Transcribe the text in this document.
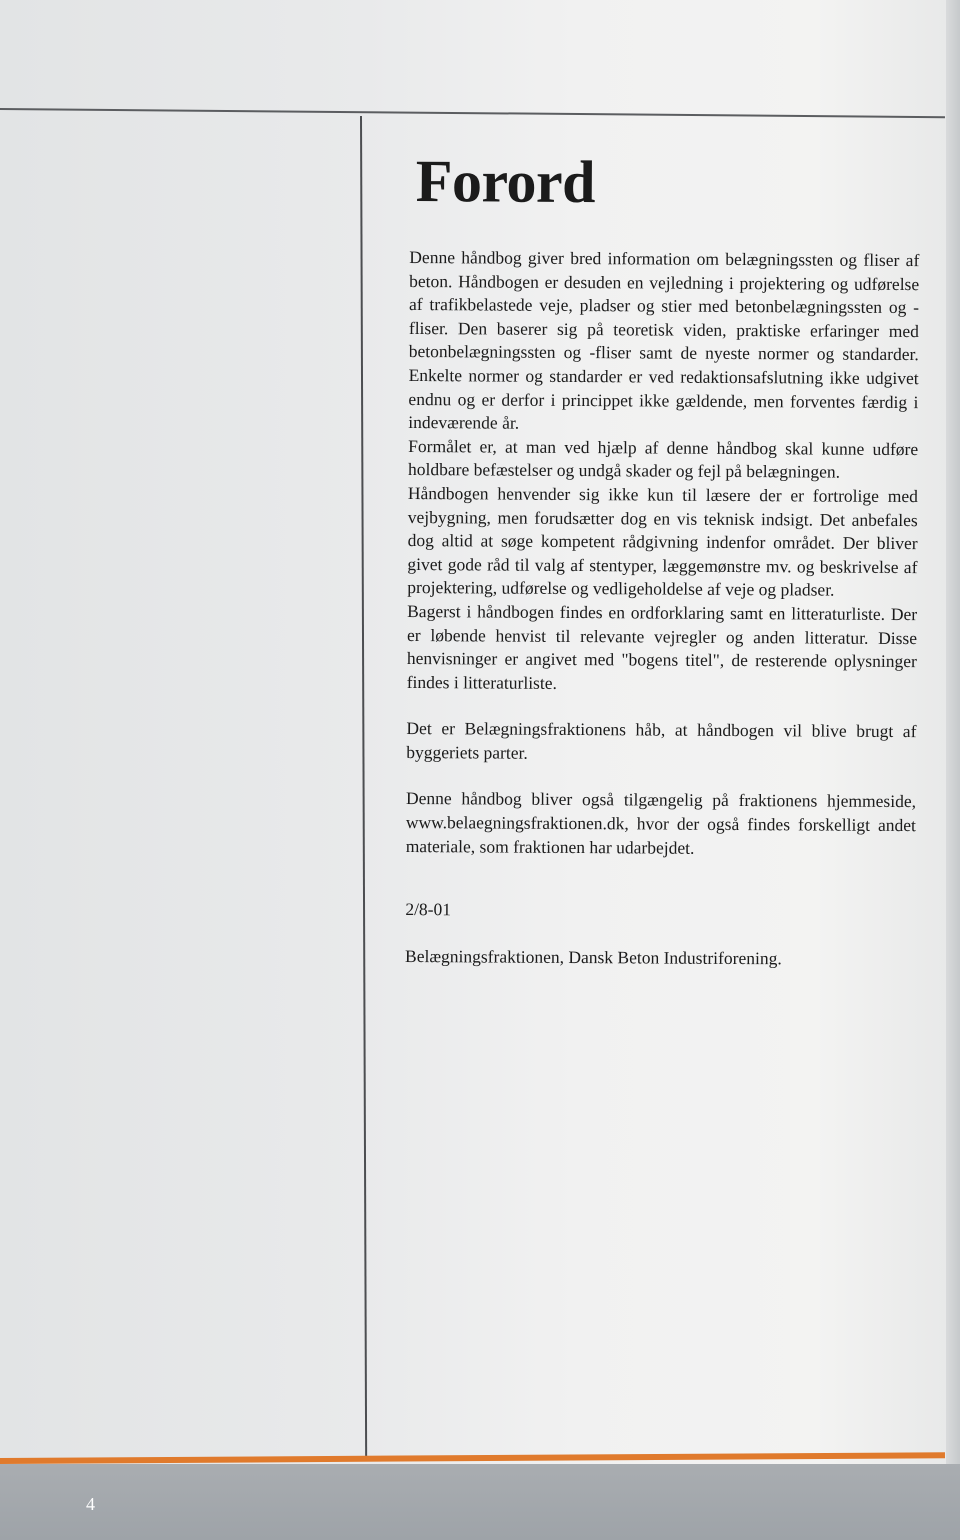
Forord

Denne håndbog giver bred information om belægningssten og fliser af beton. Håndbogen er desuden en vejledning i projektering og udførelse af trafikbelastede veje, pladser og stier med betonbelægningssten og -fliser. Den baserer sig på teoretisk viden, praktiske erfaringer med betonbelægningssten og -fliser samt de nyeste normer og standarder. Enkelte normer og standarder er ved redaktionsafslutning ikke udgivet endnu og er derfor i princippet ikke gældende, men forventes færdig i indeværende år.

Formålet er, at man ved hjælp af denne håndbog skal kunne udføre holdbare befæstelser og undgå skader og fejl på belægningen.

Håndbogen henvender sig ikke kun til læsere der er fortrolige med vejbygning, men forudsætter dog en vis teknisk indsigt. Det anbefales dog altid at søge kompetent rådgivning indenfor området. Der bliver givet gode råd til valg af stentyper, læggemønstre mv. og beskrivelse af projektering, udførelse og vedligeholdelse af veje og pladser.

Bagerst i håndbogen findes en ordforklaring samt en litteraturliste. Der er løbende henvist til relevante vejregler og anden litteratur. Disse henvisninger er angivet med "bogens titel", de resterende oplysninger findes i litteraturliste.

Det er Belægningsfraktionens håb, at håndbogen vil blive brugt af byggeriets parter.

Denne håndbog bliver også tilgængelig på fraktionens hjemmeside, www.belaegningsfraktionen.dk, hvor der også findes forskelligt andet materiale, som fraktionen har udarbejdet.

2/8-01

Belægningsfraktionen, Dansk Beton Industriforening.

4
